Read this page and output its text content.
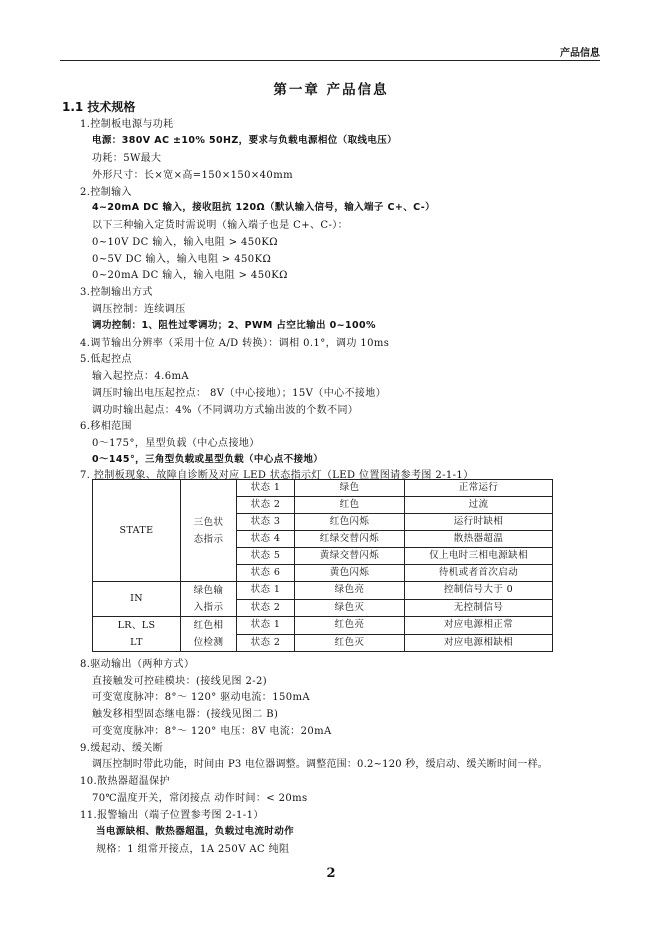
产品信息
第一章 产品信息
1.1 技术规格
1.控制板电源与功耗
电源：380V AC ±10% 50HZ，要求与负载电源相位（取线电压）
功耗：5W最大
外形尺寸：长×宽×高=150×150×40mm
2.控制输入
4~20mA DC 输入，接收阻抗 120Ω（默认输入信号，输入端子 C+、C-）
以下三种输入定货时需说明（输入端子也是 C+、C-）：
0~10V DC 输入，输入电阻 > 450KΩ
0~5V DC 输入，输入电阻 > 450KΩ
0~20mA DC 输入，输入电阻 > 450KΩ
3.控制输出方式
调压控制：连续调压
调功控制：1、阻性过零调功；2、PWM 占空比输出 0~100%
4.调节输出分辨率（采用十位 A/D 转换）：调相 0.1°，调功 10ms
5.低起控点
输入起控点：4.6mA
调压时输出电压起控点： 8V（中心接地）；15V（中心不接地）
调功时输出起点：4%（不同调功方式输出波的个数不同）
6.移相范围
0～175°，星型负载（中心点接地）
0～145°，三角型负载或星型负载（中心点不接地）
7. 控制板现象、故障自诊断及对应 LED 状态指示灯（LED 位置图请参考图 2-1-1）
STATE	三色状态指示	状态 1	绿色	正常运行
		状态 2	红色	过流
		状态 3	红色闪烁	运行时缺相
		状态 4	红绿交替闪烁	散热器超温
		状态 5	黄绿交替闪烁	仅上电时三相电源缺相
		状态 6	黄色闪烁	待机或者首次启动
IN	绿色输入指示	状态 1	绿色亮	控制信号大于 0
		状态 2	绿色灭	无控制信号

LR、LSLT	红色相位检测	状态 1	红色亮	对应电源相正常
		状态 2	红色灭	对应电源相缺相
8.驱动输出（两种方式）
直接触发可控硅模块：(接线见图 2-2)
可变宽度脉冲：8°～ 120° 驱动电流：150mA
触发移相型固态继电器：(接线见图二 B)
可变宽度脉冲：8°～ 120° 电压：8V 电流：20mA
9.缓起动、缓关断
调压控制时带此功能，时间由 P3 电位器调整。调整范围：0.2~120 秒，缓启动、缓关断时间一样。
10.散热器超温保护
70℃温度开关，常闭接点 动作时间：< 20ms
11.报警输出（端子位置参考图 2-1-1）
当电源缺相、散热器超温，负载过电流时动作
规格：1 组常开接点，1A 250V AC 纯阻
2
